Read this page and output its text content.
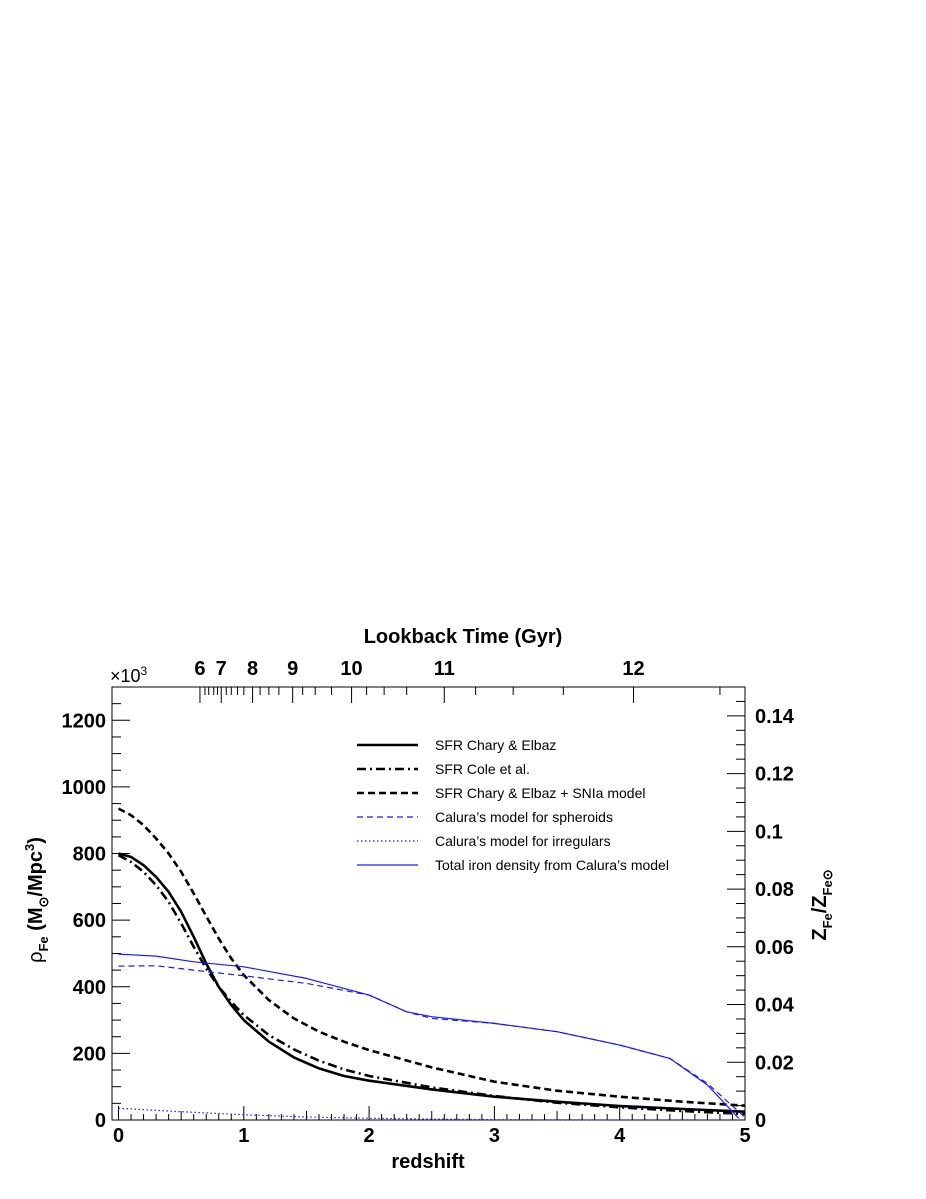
0	1	2	3	4	5
0
200
400
600
800
1000
1200
0
0.02
0.04
0.06
0.08
0.1
0.12
0.14
6 7 8 9 10	11	12
redshift
Lookback Time (Gyr)
$\times 10^3$
$\rho_{Fe}$ $(M_⊙/Mpc^3)$
$Z_{Fe}/Z_{Fe⊙}$
SFR Chary & Elbaz
SFR Cole et al.
SFR Chary & Elbaz + SNIa model
Calura’s model for spheroids
Calura’s model for irregulars
Total iron density from Calura’s model
